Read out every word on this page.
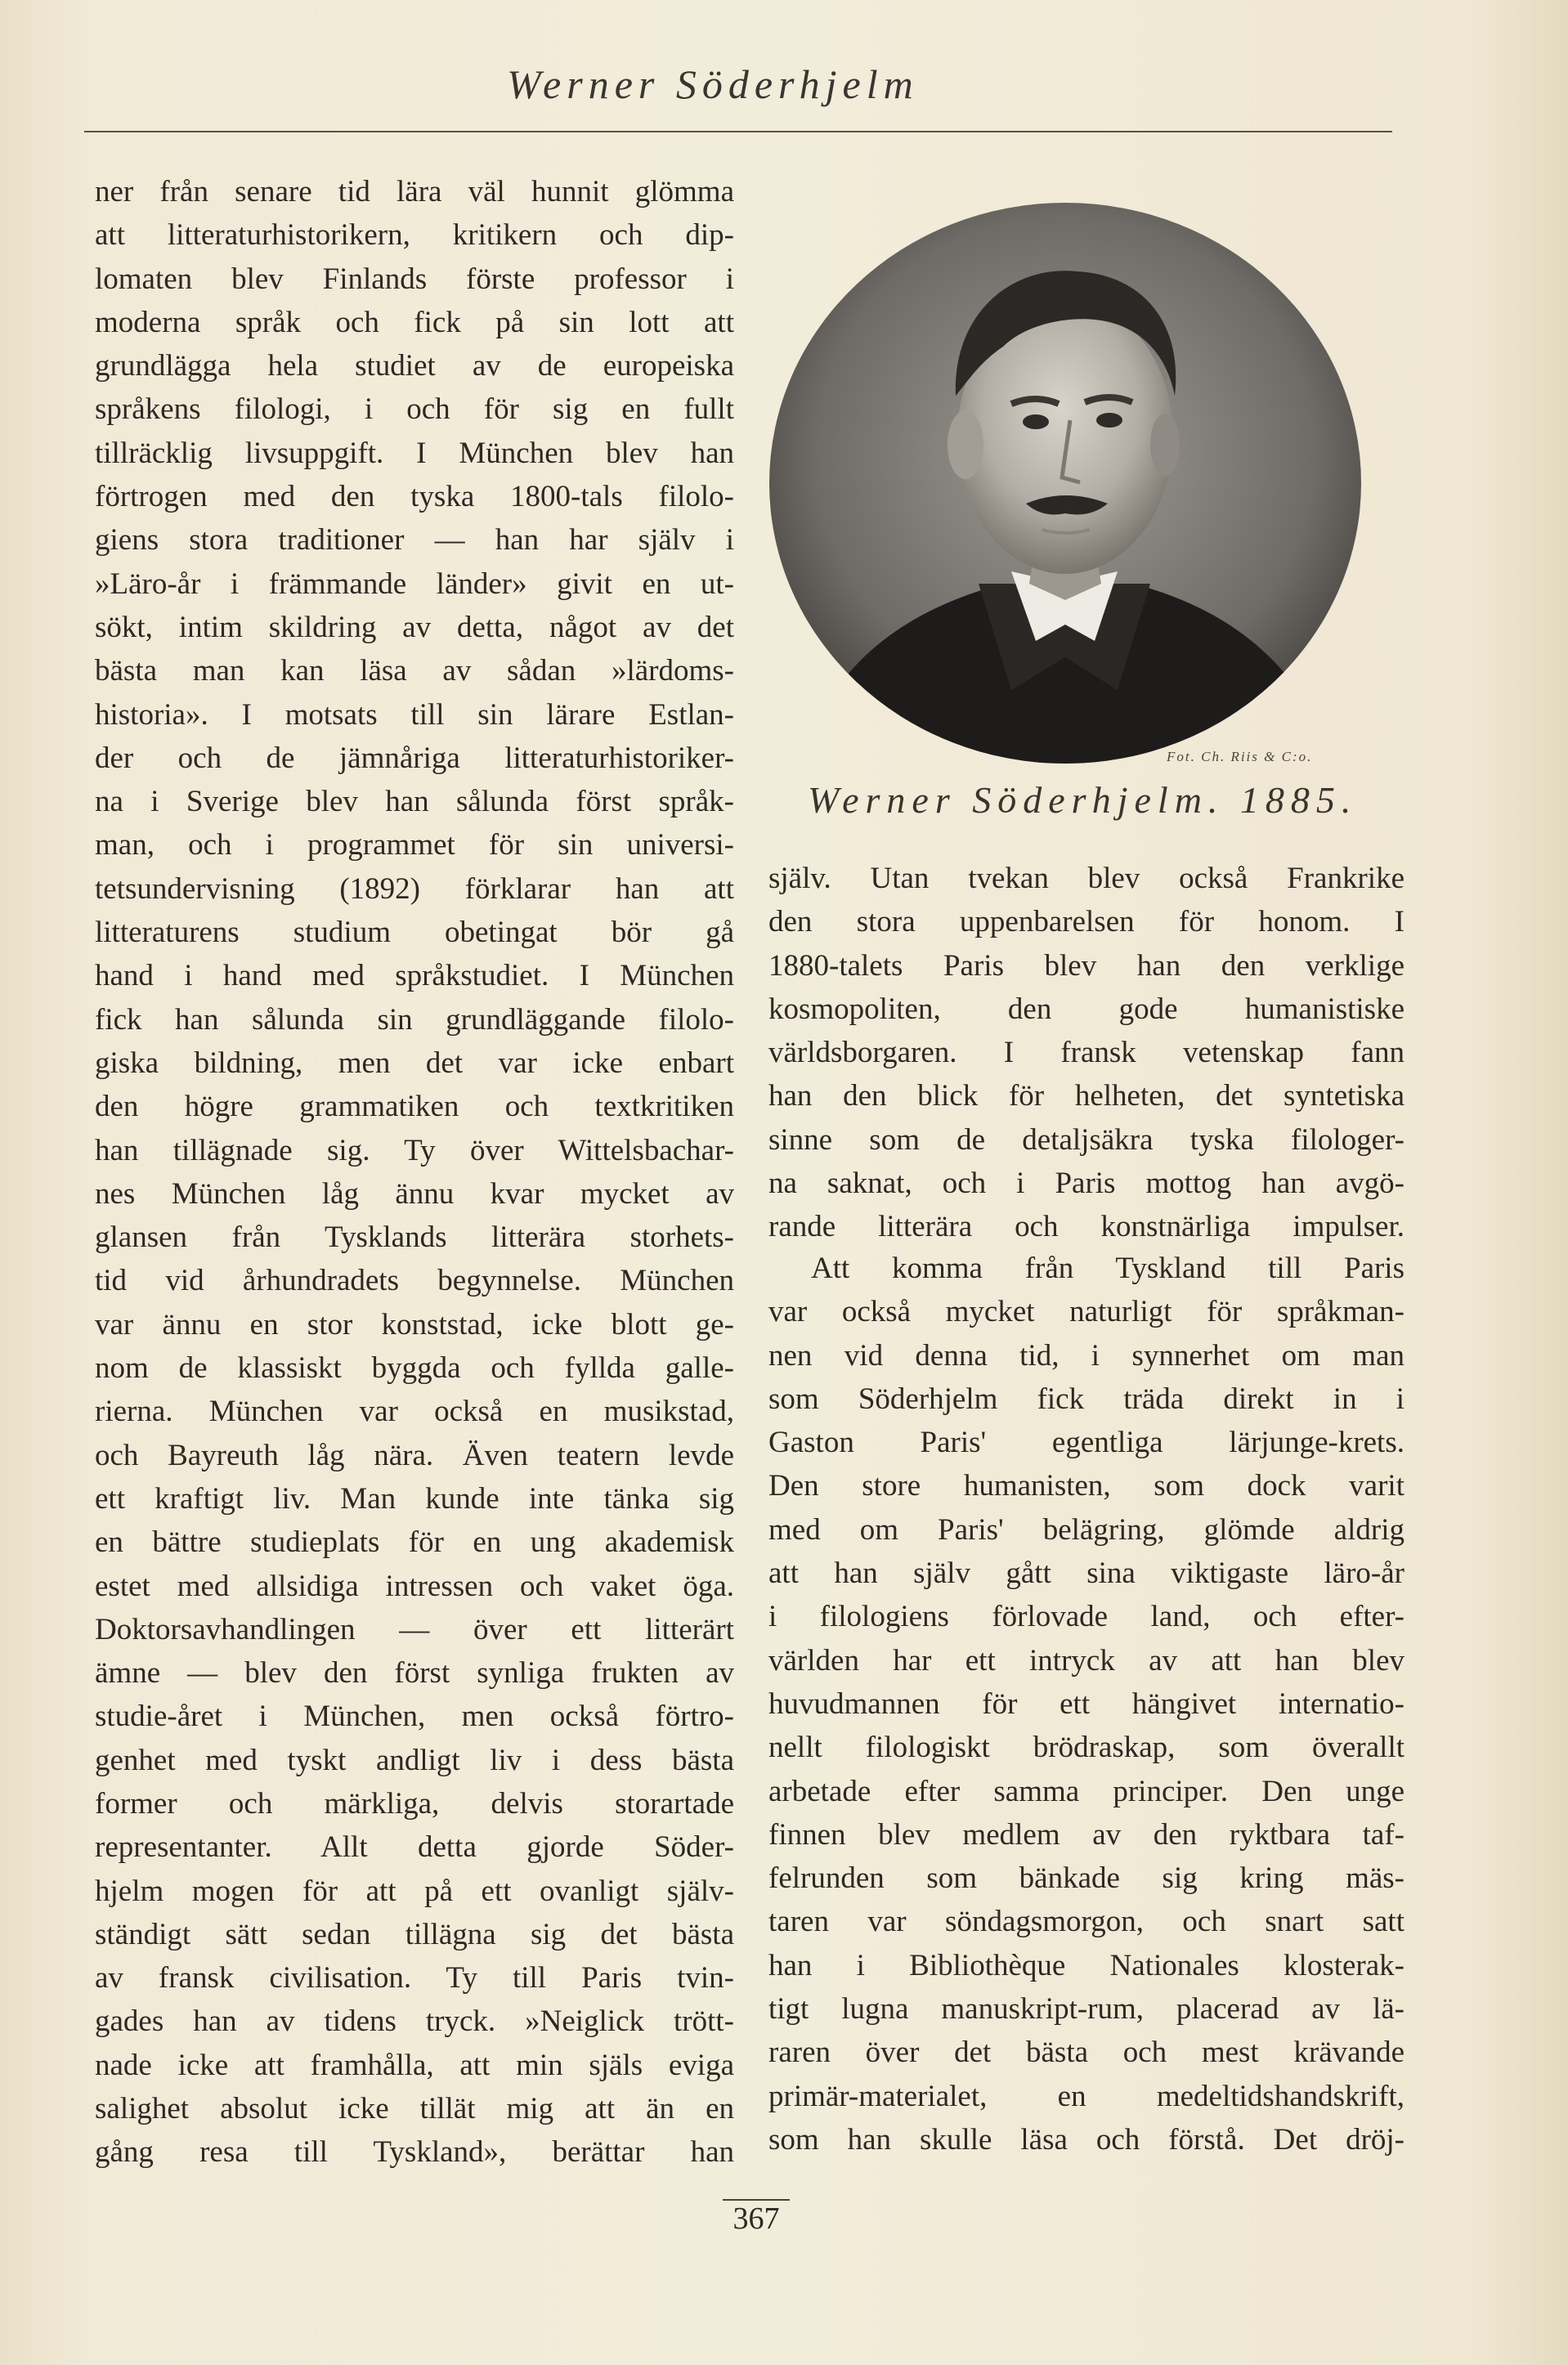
Werner Söderhjelm
ner från senare tid lära väl hunnit glömma
att litteraturhistorikern, kritikern och dip-
lomaten blev Finlands förste professor i
moderna språk och fick på sin lott att
grundlägga hela studiet av de europeiska
språkens filologi, i och för sig en fullt
tillräcklig livsuppgift. I München blev han
förtrogen med den tyska 1800-tals filolo-
giens stora traditioner — han har själv i
»Läro-år i främmande länder» givit en ut-
sökt, intim skildring av detta, något av det
bästa man kan läsa av sådan »lärdoms-
historia». I motsats till sin lärare Estlan-
der och de jämnåriga litteraturhistoriker-
na i Sverige blev han sålunda först språk-
man, och i programmet för sin universi-
tetsundervisning (1892) förklarar han att
litteraturens studium obetingat bör gå
hand i hand med språkstudiet. I München
fick han sålunda sin grundläggande filolo-
giska bildning, men det var icke enbart
den högre grammatiken och textkritiken
han tillägnade sig. Ty över Wittelsbachar-
nes München låg ännu kvar mycket av
glansen från Tysklands litterära storhets-
tid vid århundradets begynnelse. München
var ännu en stor konststad, icke blott ge-
nom de klassiskt byggda och fyllda galle-
rierna. München var också en musikstad,
och Bayreuth låg nära. Även teatern levde
ett kraftigt liv. Man kunde inte tänka sig
en bättre studieplats för en ung akademisk
estet med allsidiga intressen och vaket öga.
Doktorsavhandlingen — över ett litterärt
ämne — blev den först synliga frukten av
studie-året i München, men också förtro-
genhet med tyskt andligt liv i dess bästa
former och märkliga, delvis storartade
representanter. Allt detta gjorde Söder-
hjelm mogen för att på ett ovanligt själv-
ständigt sätt sedan tillägna sig det bästa
av fransk civilisation. Ty till Paris tvin-
gades han av tidens tryck. »Neiglick trött-
nade icke att framhålla, att min själs eviga
salighet absolut icke tillät mig att än en
gång resa till Tyskland», berättar han
Fot. Ch. Riis & C:o.
Werner Söderhjelm. 1885.
själv. Utan tvekan blev också Frankrike
den stora uppenbarelsen för honom. I
1880-talets Paris blev han den verklige
kosmopoliten, den gode humanistiske
världsborgaren. I fransk vetenskap fann
han den blick för helheten, det syntetiska
sinne som de detaljsäkra tyska filologer-
na saknat, och i Paris mottog han avgö-
rande litterära och konstnärliga impulser.
Att komma från Tyskland till Paris
var också mycket naturligt för språkman-
nen vid denna tid, i synnerhet om man
som Söderhjelm fick träda direkt in i
Gaston Paris' egentliga lärjunge-krets.
Den store humanisten, som dock varit
med om Paris' belägring, glömde aldrig
att han själv gått sina viktigaste läro-år
i filologiens förlovade land, och efter-
världen har ett intryck av att han blev
huvudmannen för ett hängivet internatio-
nellt filologiskt brödraskap, som överallt
arbetade efter samma principer. Den unge
finnen blev medlem av den ryktbara taf-
felrunden som bänkade sig kring mäs-
taren var söndagsmorgon, och snart satt
han i Bibliothèque Nationales klosterak-
tigt lugna manuskript-rum, placerad av lä-
raren över det bästa och mest krävande
primär-materialet, en medeltidshandskrift,
som han skulle läsa och förstå. Det dröj-
367
